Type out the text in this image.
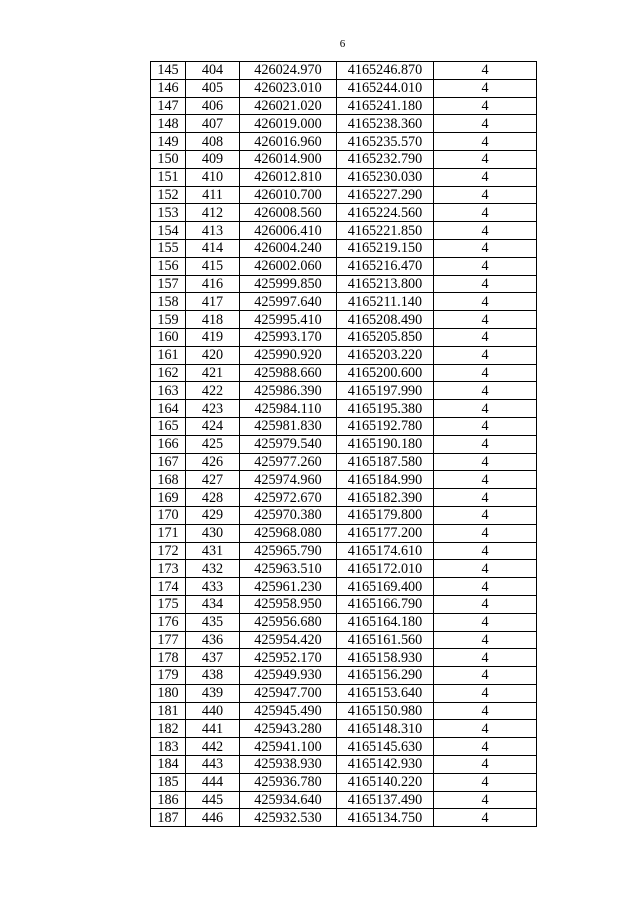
6
145	404	426024.970	4165246.870	4
146	405	426023.010	4165244.010	4
147	406	426021.020	4165241.180	4
148	407	426019.000	4165238.360	4
149	408	426016.960	4165235.570	4
150	409	426014.900	4165232.790	4
151	410	426012.810	4165230.030	4
152	411	426010.700	4165227.290	4
153	412	426008.560	4165224.560	4
154	413	426006.410	4165221.850	4
155	414	426004.240	4165219.150	4
156	415	426002.060	4165216.470	4
157	416	425999.850	4165213.800	4
158	417	425997.640	4165211.140	4
159	418	425995.410	4165208.490	4
160	419	425993.170	4165205.850	4
161	420	425990.920	4165203.220	4
162	421	425988.660	4165200.600	4
163	422	425986.390	4165197.990	4
164	423	425984.110	4165195.380	4
165	424	425981.830	4165192.780	4
166	425	425979.540	4165190.180	4
167	426	425977.260	4165187.580	4
168	427	425974.960	4165184.990	4
169	428	425972.670	4165182.390	4
170	429	425970.380	4165179.800	4
171	430	425968.080	4165177.200	4
172	431	425965.790	4165174.610	4
173	432	425963.510	4165172.010	4
174	433	425961.230	4165169.400	4
175	434	425958.950	4165166.790	4
176	435	425956.680	4165164.180	4
177	436	425954.420	4165161.560	4
178	437	425952.170	4165158.930	4
179	438	425949.930	4165156.290	4
180	439	425947.700	4165153.640	4
181	440	425945.490	4165150.980	4
182	441	425943.280	4165148.310	4
183	442	425941.100	4165145.630	4
184	443	425938.930	4165142.930	4
185	444	425936.780	4165140.220	4
186	445	425934.640	4165137.490	4
187	446	425932.530	4165134.750	4
